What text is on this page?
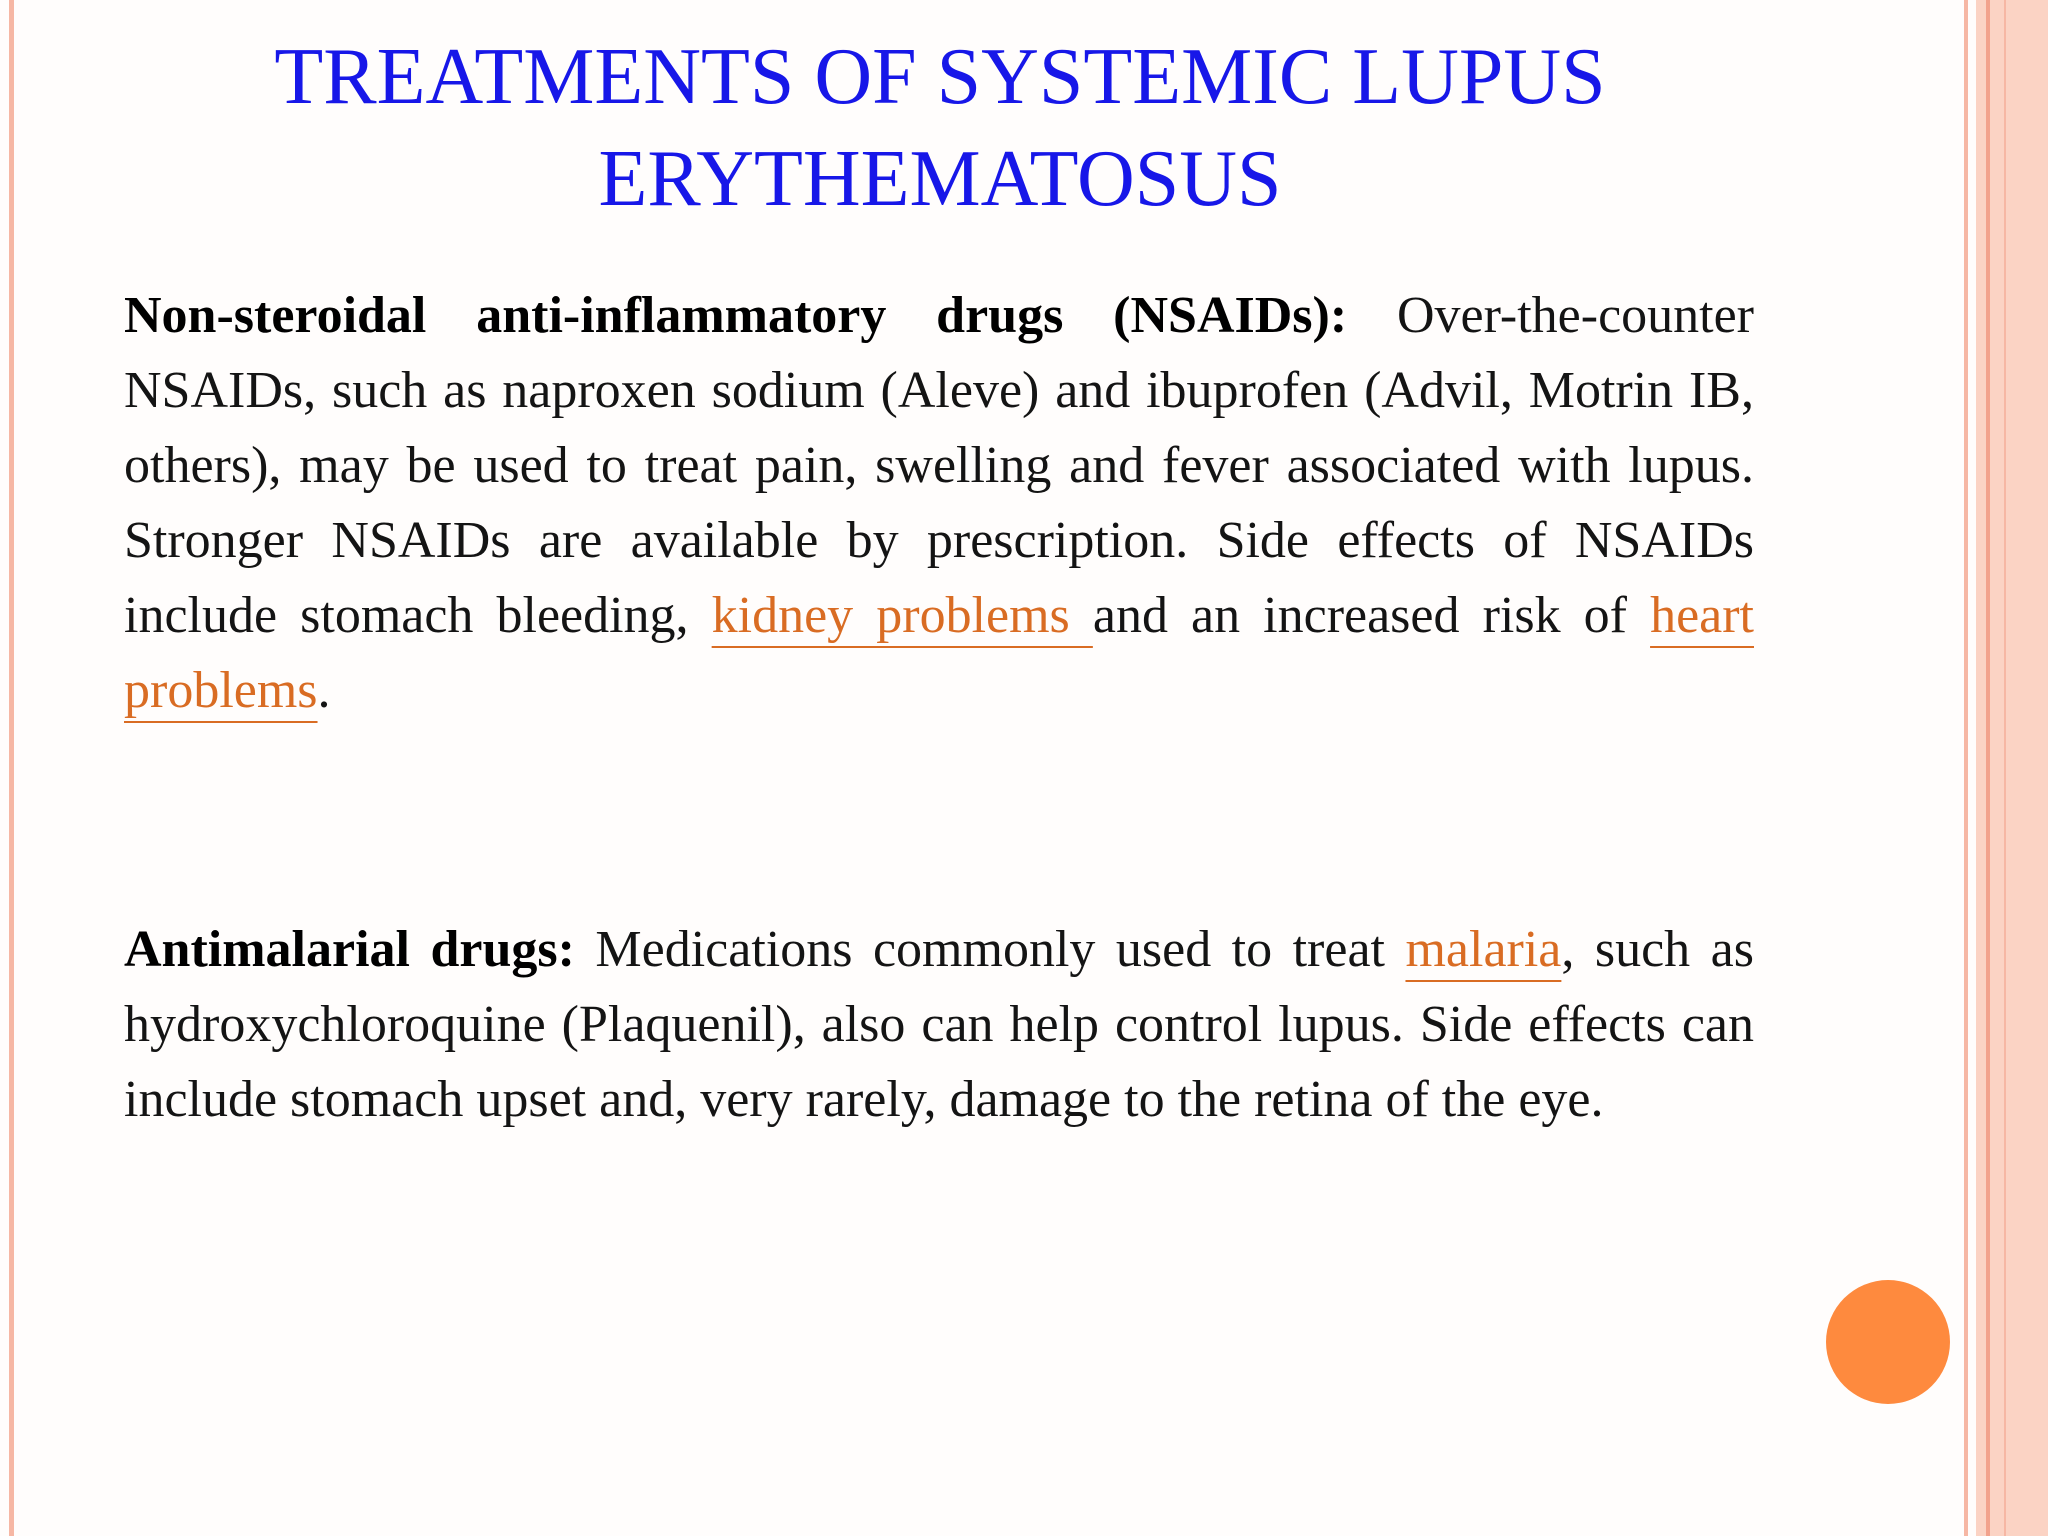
TREATMENTS OF SYSTEMIC LUPUS
ERYTHEMATOSUS

Non-steroidal anti-inflammatory drugs (NSAIDs): Over-the-counter NSAIDs, such as naproxen sodium (Aleve) and ibuprofen (Advil, Motrin IB, others), may be used to treat pain, swelling and fever associated with lupus. Stronger NSAIDs are available by prescription. Side effects of NSAIDs include stomach bleeding, kidney problems and an increased risk of heart problems.

Antimalarial drugs: Medications commonly used to treat malaria, such as hydroxychloroquine (Plaquenil), also can help control lupus. Side effects can include stomach upset and, very rarely, damage to the retina of the eye.
